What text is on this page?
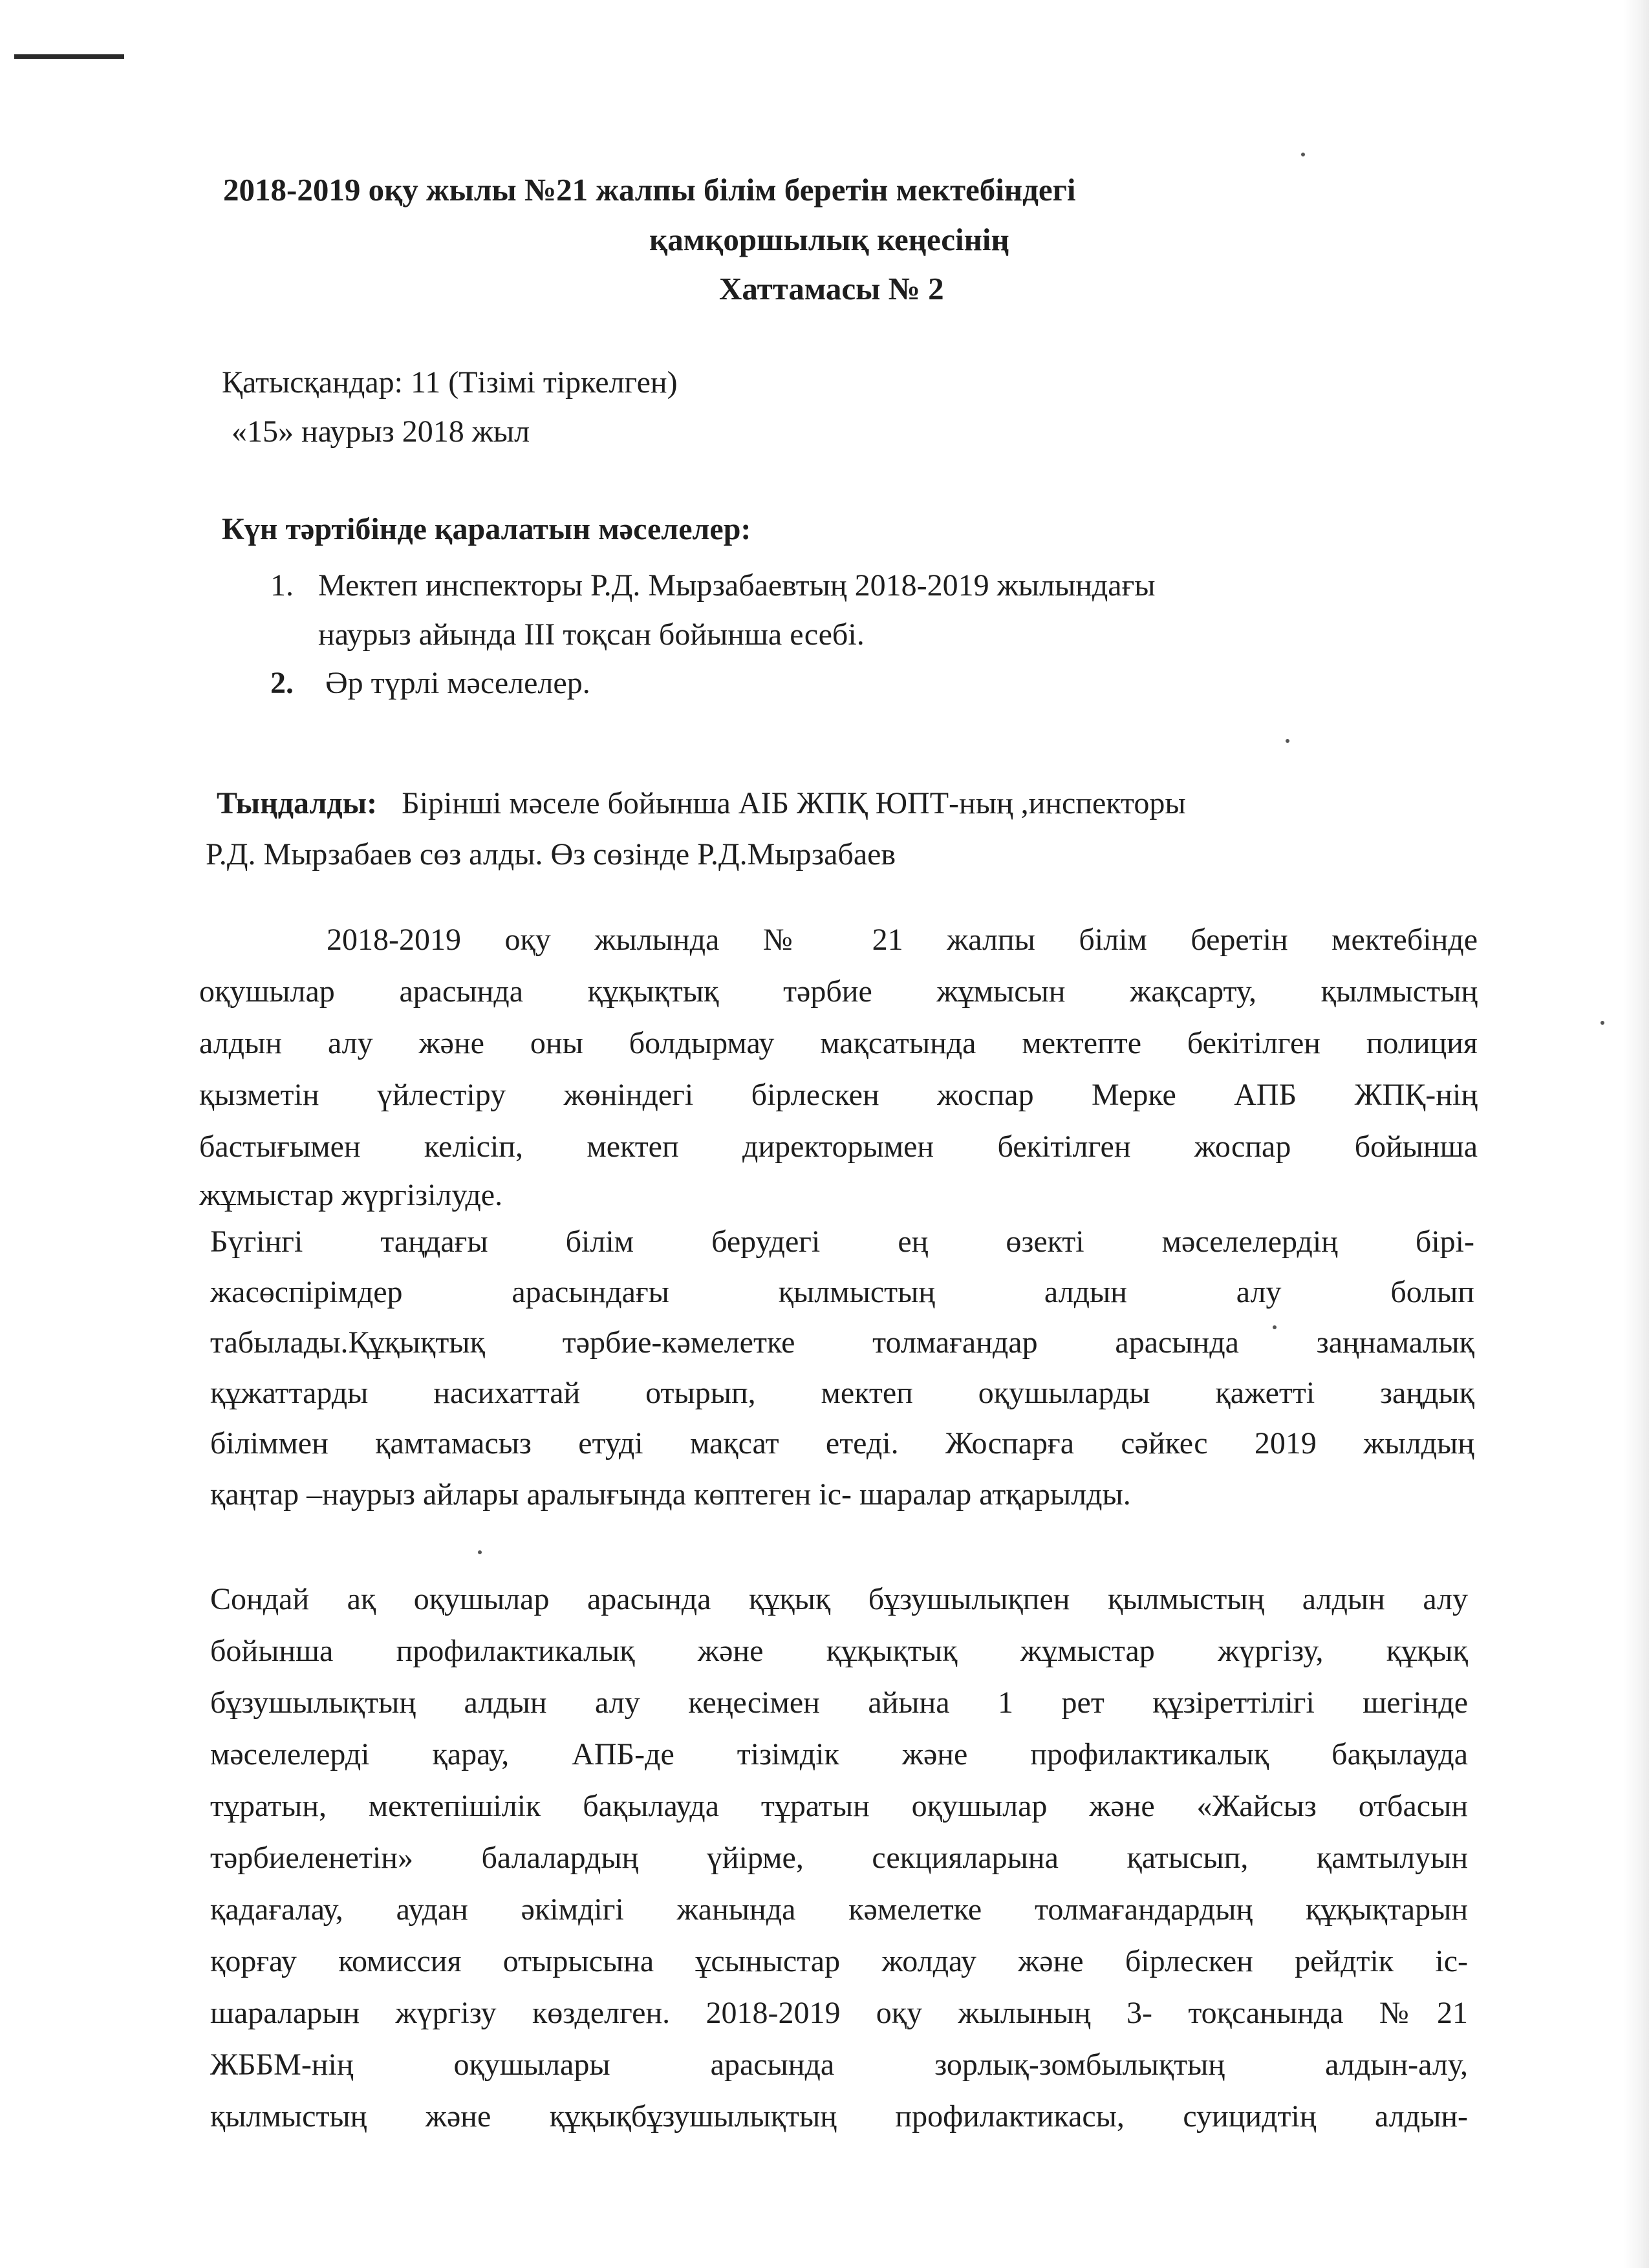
2018-2019 оқу жылы №21 жалпы білім беретін мектебіндегі
қамқоршылық кеңесінің
Хаттамасы № 2
Қатысқандар: 11 (Тізімі тіркелген)
«15» наурыз 2018 жыл
Күн тәртібінде қаралатын мәселелер:
1. Мектеп инспекторы Р.Д. Мырзабаевтың 2018-2019 жылындағы
наурыз айында ІІІ тоқсан бойынша есебі.
2. Әр түрлі мәселелер.
Тыңдалды: Бірінші мәселе бойынша АІБ ЖПҚ ЮПТ-ның ,инспекторы
Р.Д. Мырзабаев сөз алды. Өз сөзінде Р.Д.Мырзабаев
2018-2019 оқу жылында № 21 жалпы білім беретін мектебінде
оқушылар арасында құқықтық тәрбие жұмысын жақсарту, қылмыстың
алдын алу және оны болдырмау мақсатында мектепте бекітілген полиция
қызметін үйлестіру жөніндегі бірлескен жоспар Мерке АПБ ЖПҚ-нің
бастығымен келісіп, мектеп директорымен бекітілген жоспар бойынша
жұмыстар жүргізілуде.
Бүгінгі таңдағы білім берудегі ең өзекті мәселелердің бірі-
жасөспірімдер арасындағы қылмыстың алдын алу болып
табылады.Құқықтық тәрбие-кәмелетке толмағандар арасында заңнамалық
құжаттарды насихаттай отырып, мектеп оқушыларды қажетті заңдық
біліммен қамтамасыз етуді мақсат етеді. Жоспарға сәйкес 2019 жылдың
қаңтар –наурыз айлары аралығында көптеген іс- шаралар атқарылды.
Сондай ақ оқушылар арасында құқық бұзушылықпен қылмыстың алдын алу
бойынша профилактикалық және құқықтық жұмыстар жүргізу, құқық
бұзушылықтың алдын алу кеңесімен айына 1 рет құзіреттілігі шегінде
мәселелерді қарау, АПБ-де тізімдік және профилактикалық бақылауда
тұратын, мектепішілік бақылауда тұратын оқушылар және «Жайсыз отбасын
тәрбиеленетін» балалардың үйірме, секцияларына қатысып, қамтылуын
қадағалау, аудан әкімдігі жанында кәмелетке толмағандардың құқықтарын
қорғау комиссия отырысына ұсыныстар жолдау және бірлескен рейдтік іс-
шараларын жүргізу көзделген. 2018-2019 оқу жылының 3- тоқсанында №21
ЖББМ-нің оқушылары арасында зорлық-зомбылықтың алдын-алу,
қылмыстың және құқықбұзушылықтың профилактикасы, суицидтің алдын-
